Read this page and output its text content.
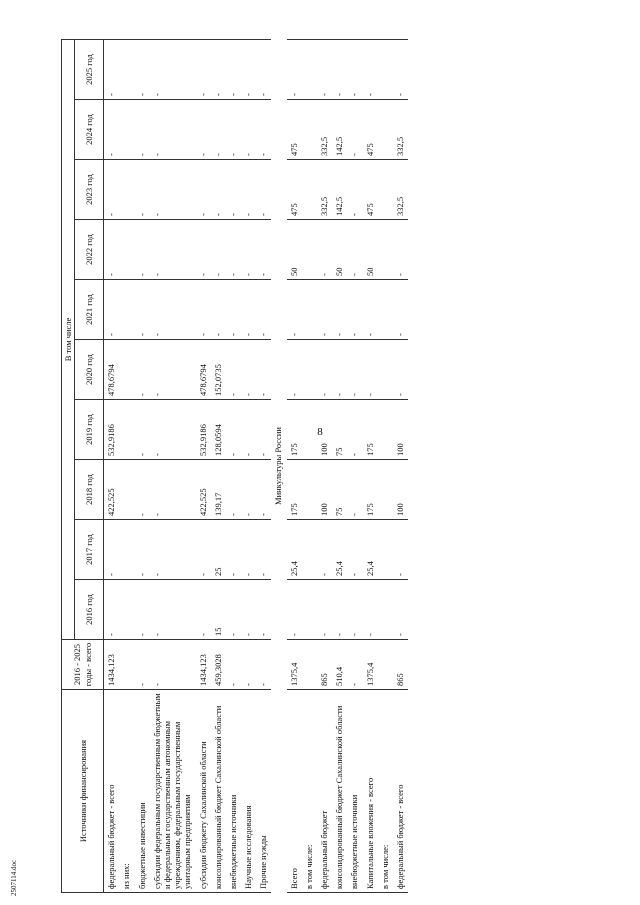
8
Источники финансирования	2016 - 2025 годы - всего	В том числе									
		2016 год	2017 год	2018 год	2019 год	2020 год	2021 год	2022 год	2023 год	2024 год	2025 год
федеральный бюджет - всего	1434,123	-	-	422,525	532,9186	478,6794	-	-	-	-	-
из них:											
бюджетные инвестиции	-	-	-	-	-	-	-	-	-	-	-
субсидии федеральным государственным бюджетным и федеральным государственным автономным учреждениям, федеральным государственным унитарным предприятиям	-	-	-	-	-	-	-	-	-	-	-
субсидии бюджету Сахалинской области	1434,123	-	-	422,525	532,9186	478,6794	-	-	-	-	-
консолидированный бюджет Сахалинской области	459,3028	15	25	139,17	128,0594	152,0735	-	-	-	-	-
внебюджетные источники	-	-	-	-	-	-	-	-	-	-	-
Научные исследования	-	-	-	-	-	-	-	-	-	-	-
Прочие нужды	-	-	-	-	-	-	-	-	-	-	-
Минкультуры России											
Всего	1375,4	-	25,4	175	175	-	-	50	475	475	-
в том числе:											
федеральный бюджет	865	-	-	100	100	-	-	-	332,5	332,5	-
консолидированный бюджет Сахалинской области	510,4	-	25,4	75	75	-	-	50	142,5	142,5	-
внебюджетные источники	-	-	-	-	-	-	-	-	-	-	-
Капитальные вложения - всего	1375,4	-	25,4	175	175	-	-	50	475	475	-
в том числе:											
федеральный бюджет - всего	865	-	-	100	100	-	-	-	332,5	332,5	-
2507114.doc
